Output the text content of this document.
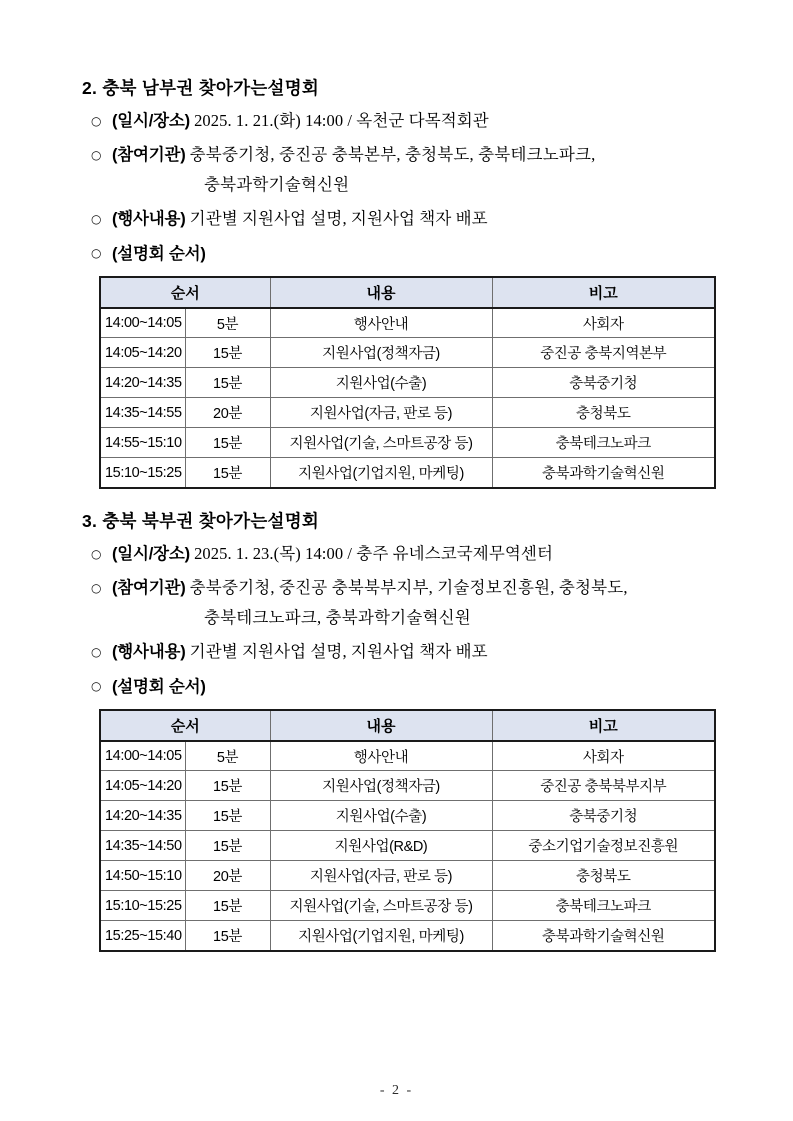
2. 충북 남부권 찾아가는설명회
○ (일시/장소) 2025. 1. 21.(화) 14:00 / 옥천군 다목적회관
○ (참여기관) 충북중기청, 중진공 충북본부, 충청북도, 충북테크노파크,
충북과학기술혁신원
○ (행사내용) 기관별 지원사업 설명, 지원사업 책자 배포
○ (설명회 순서)
순서		내용	비고
14:00~14:05	5분	행사안내	사회자
14:05~14:20	15분	지원사업(정책자금)	중진공 충북지역본부
14:20~14:35	15분	지원사업(수출)	충북중기청
14:35~14:55	20분	지원사업(자금, 판로 등)	충청북도
14:55~15:10	15분	지원사업(기술, 스마트공장 등)	충북테크노파크
15:10~15:25	15분	지원사업(기업지원, 마케팅)	충북과학기술혁신원
3. 충북 북부권 찾아가는설명회
○ (일시/장소) 2025. 1. 23.(목) 14:00 / 충주 유네스코국제무역센터
○ (참여기관) 충북중기청, 중진공 충북북부지부, 기술정보진흥원, 충청북도,
충북테크노파크, 충북과학기술혁신원
○ (행사내용) 기관별 지원사업 설명, 지원사업 책자 배포
○ (설명회 순서)
순서		내용	비고
14:00~14:05	5분	행사안내	사회자
14:05~14:20	15분	지원사업(정책자금)	중진공 충북북부지부
14:20~14:35	15분	지원사업(수출)	충북중기청
14:35~14:50	15분	지원사업(R&D)	중소기업기술정보진흥원
14:50~15:10	20분	지원사업(자금, 판로 등)	충청북도
15:10~15:25	15분	지원사업(기술, 스마트공장 등)	충북테크노파크
15:25~15:40	15분	지원사업(기업지원, 마케팅)	충북과학기술혁신원
- 2 -
